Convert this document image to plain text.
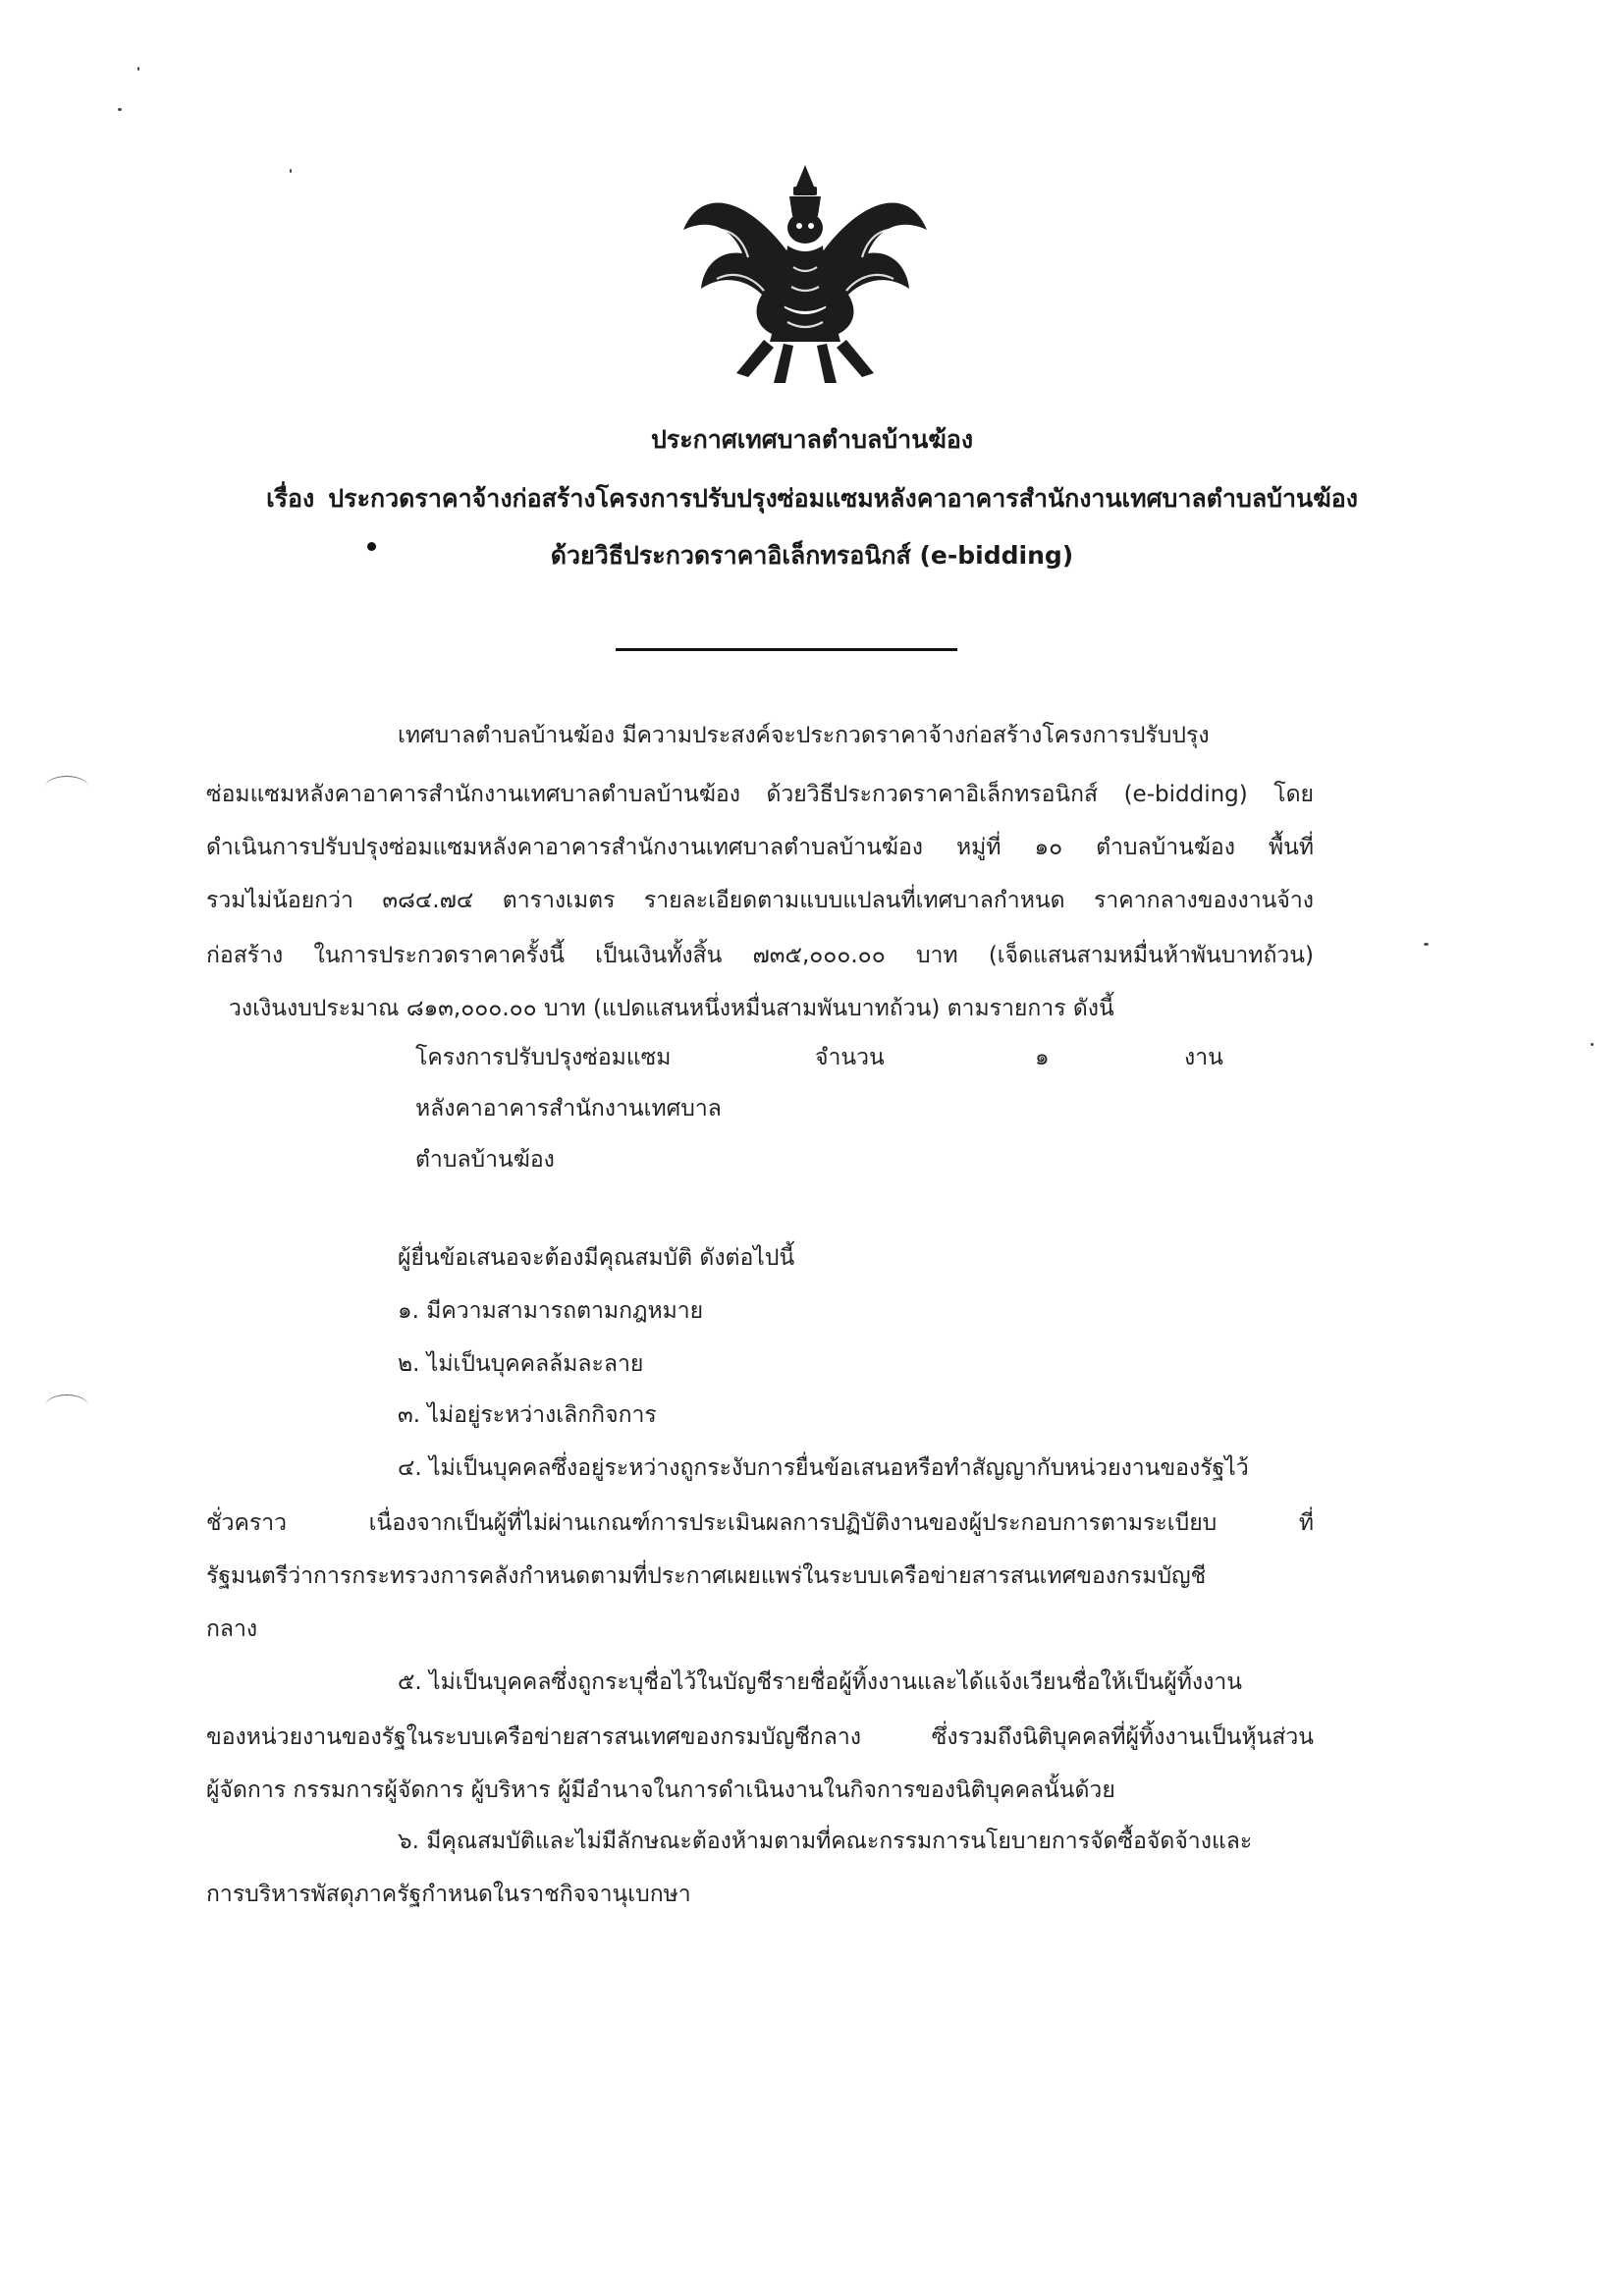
ประกาศเทศบาลตำบลบ้านฆ้อง
เรื่อง ประกวดราคาจ้างก่อสร้างโครงการปรับปรุงซ่อมแซมหลังคาอาคารสำนักงานเทศบาลตำบลบ้านฆ้อง
ด้วยวิธีประกวดราคาอิเล็กทรอนิกส์ (e-bidding)
เทศบาลตำบลบ้านฆ้อง มีความประสงค์จะประกวดราคาจ้างก่อสร้างโครงการปรับปรุง
ซ่อมแซมหลังคาอาคารสำนักงานเทศบาลตำบลบ้านฆ้อง ด้วยวิธีประกวดราคาอิเล็กทรอนิกส์ (e-bidding) โดย
ดำเนินการปรับปรุงซ่อมแซมหลังคาอาคารสำนักงานเทศบาลตำบลบ้านฆ้อง หมู่ที่ ๑๐ ตำบลบ้านฆ้อง พื้นที่
รวมไม่น้อยกว่า ๓๘๔.๗๔ ตารางเมตร รายละเอียดตามแบบแปลนที่เทศบาลกำหนด ราคากลางของงานจ้าง
ก่อสร้าง ในการประกวดราคาครั้งนี้ เป็นเงินทั้งสิ้น ๗๓๕,๐๐๐.๐๐ บาท (เจ็ดแสนสามหมื่นห้าพันบาทถ้วน)
วงเงินงบประมาณ ๘๑๓,๐๐๐.๐๐ บาท (แปดแสนหนึ่งหมื่นสามพันบาทถ้วน) ตามรายการ ดังนี้
โครงการปรับปรุงซ่อมแซม
หลังคาอาคารสำนักงานเทศบาล
ตำบลบ้านฆ้อง
จำนวน	๑	งาน
ผู้ยื่นข้อเสนอจะต้องมีคุณสมบัติ ดังต่อไปนี้
๑. มีความสามารถตามกฎหมาย
๒. ไม่เป็นบุคคลล้มละลาย
๓. ไม่อยู่ระหว่างเลิกกิจการ
๔. ไม่เป็นบุคคลซึ่งอยู่ระหว่างถูกระงับการยื่นข้อเสนอหรือทำสัญญากับหน่วยงานของรัฐไว้
ชั่วคราว เนื่องจากเป็นผู้ที่ไม่ผ่านเกณฑ์การประเมินผลการปฏิบัติงานของผู้ประกอบการตามระเบียบ ที่
รัฐมนตรีว่าการกระทรวงการคลังกำหนดตามที่ประกาศเผยแพร่ในระบบเครือข่ายสารสนเทศของกรมบัญชี
กลาง
๕. ไม่เป็นบุคคลซึ่งถูกระบุชื่อไว้ในบัญชีรายชื่อผู้ทิ้งงานและได้แจ้งเวียนชื่อให้เป็นผู้ทิ้งงาน
ของหน่วยงานของรัฐในระบบเครือข่ายสารสนเทศของกรมบัญชีกลาง ซึ่งรวมถึงนิติบุคคลที่ผู้ทิ้งงานเป็นหุ้นส่วน
ผู้จัดการ กรรมการผู้จัดการ ผู้บริหาร ผู้มีอำนาจในการดำเนินงานในกิจการของนิติบุคคลนั้นด้วย
๖. มีคุณสมบัติและไม่มีลักษณะต้องห้ามตามที่คณะกรรมการนโยบายการจัดซื้อจัดจ้างและ
การบริหารพัสดุภาครัฐกำหนดในราชกิจจานุเบกษา
